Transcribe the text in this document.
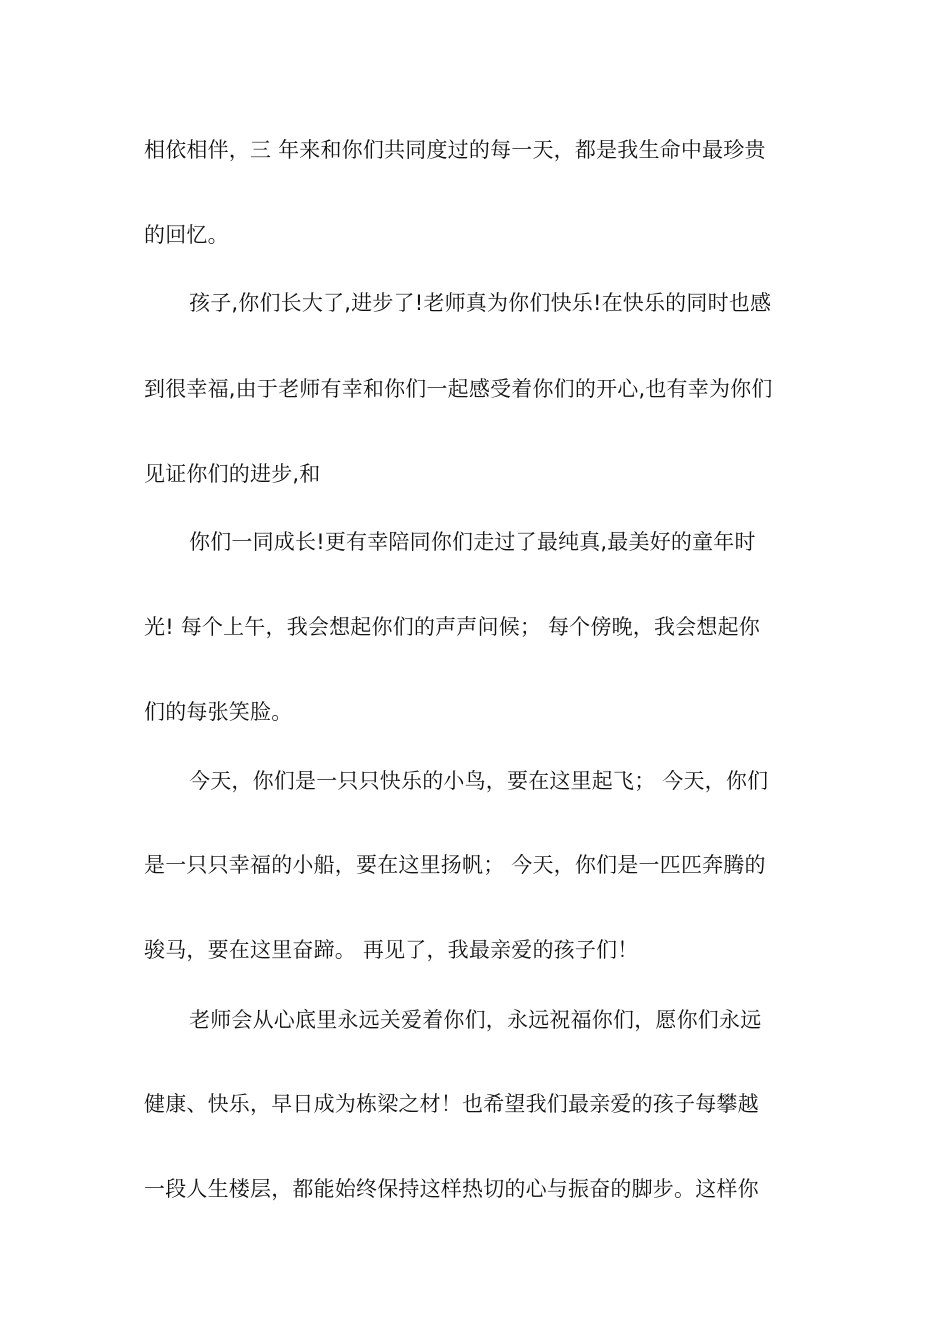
相依相伴，三 年来和你们共同度过的每一天，都是我生命中最珍贵
的回忆。
孩子,你们长大了,进步了!老师真为你们快乐!在快乐的同时也感
到很幸福,由于老师有幸和你们一起感受着你们的开心,也有幸为你们
见证你们的进步,和
你们一同成长!更有幸陪同你们走过了最纯真,最美好的童年时
光! 每个上午，我会想起你们的声声问候； 每个傍晚，我会想起你
们的每张笑脸。
今天，你们是一只只快乐的小鸟，要在这里起飞； 今天，你们
是一只只幸福的小船，要在这里扬帆； 今天，你们是一匹匹奔腾的
骏马，要在这里奋蹄。 再见了，我最亲爱的孩子们！
老师会从心底里永远关爱着你们，永远祝福你们，愿你们永远
健康、快乐，早日成为栋梁之材！也希望我们最亲爱的孩子每攀越
一段人生楼层，都能始终保持这样热切的心与振奋的脚步。这样你
